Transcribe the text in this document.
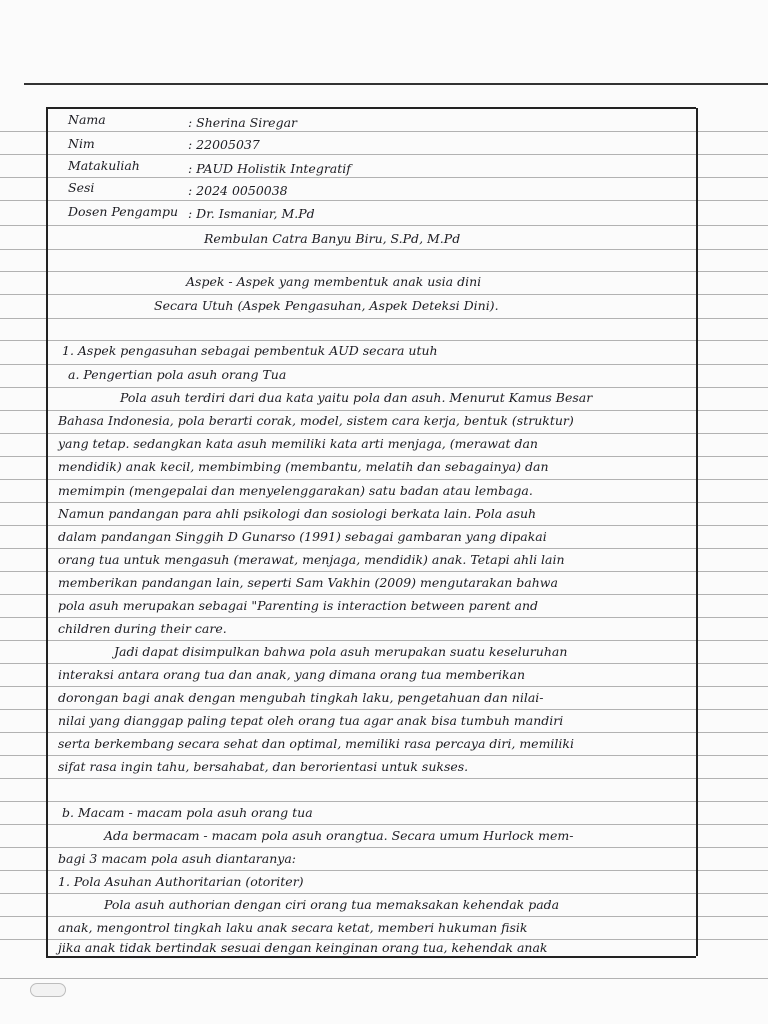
Nama	: Sherina Siregar
Nim	: 22005037
Matakuliah	: PAUD Holistik Integratif
Sesi	: 2024 0050038
Dosen Pengampu : Dr. Ismaniar, M.Pd
Rembulan Catra Banyu Biru, S.Pd, M.Pd
Aspek - Aspek yang membentuk anak usia dini
Secara Utuh (Aspek Pengasuhan, Aspek Deteksi Dini).
1. Aspek pengasuhan sebagai pembentuk AUD secara utuh
a. Pengertian pola asuh orang Tua
Pola asuh terdiri dari dua kata yaitu pola dan asuh. Menurut Kamus Besar
Bahasa Indonesia, pola berarti corak, model, sistem cara kerja, bentuk (struktur)
yang tetap. sedangkan kata asuh memiliki kata arti menjaga, (merawat dan
mendidik) anak kecil, membimbing (membantu, melatih dan sebagainya) dan
memimpin (mengepalai dan menyelenggarakan) satu badan atau lembaga.
Namun pandangan para ahli psikologi dan sosiologi berkata lain. Pola asuh
dalam pandangan Singgih D Gunarso (1991) sebagai gambaran yang dipakai
orang tua untuk mengasuh (merawat, menjaga, mendidik) anak. Tetapi ahli lain
memberikan pandangan lain, seperti Sam Vakhin (2009) mengutarakan bahwa
pola asuh merupakan sebagai "Parenting is interaction between parent and
children during their care.
Jadi dapat disimpulkan bahwa pola asuh merupakan suatu keseluruhan
interaksi antara orang tua dan anak, yang dimana orang tua memberikan
dorongan bagi anak dengan mengubah tingkah laku, pengetahuan dan nilai-
nilai yang dianggap paling tepat oleh orang tua agar anak bisa tumbuh mandiri
serta berkembang secara sehat dan optimal, memiliki rasa percaya diri, memiliki
sifat rasa ingin tahu, bersahabat, dan berorientasi untuk sukses.
b. Macam - macam pola asuh orang tua
Ada bermacam - macam pola asuh orangtua. Secara umum Hurlock mem-
bagi 3 macam pola asuh diantaranya:
1. Pola Asuhan Authoritarian (otoriter)
Pola asuh authorian dengan ciri orang tua memaksakan kehendak pada
anak, mengontrol tingkah laku anak secara ketat, memberi hukuman fisik
jika anak tidak bertindak sesuai dengan keinginan orang tua, kehendak anak
